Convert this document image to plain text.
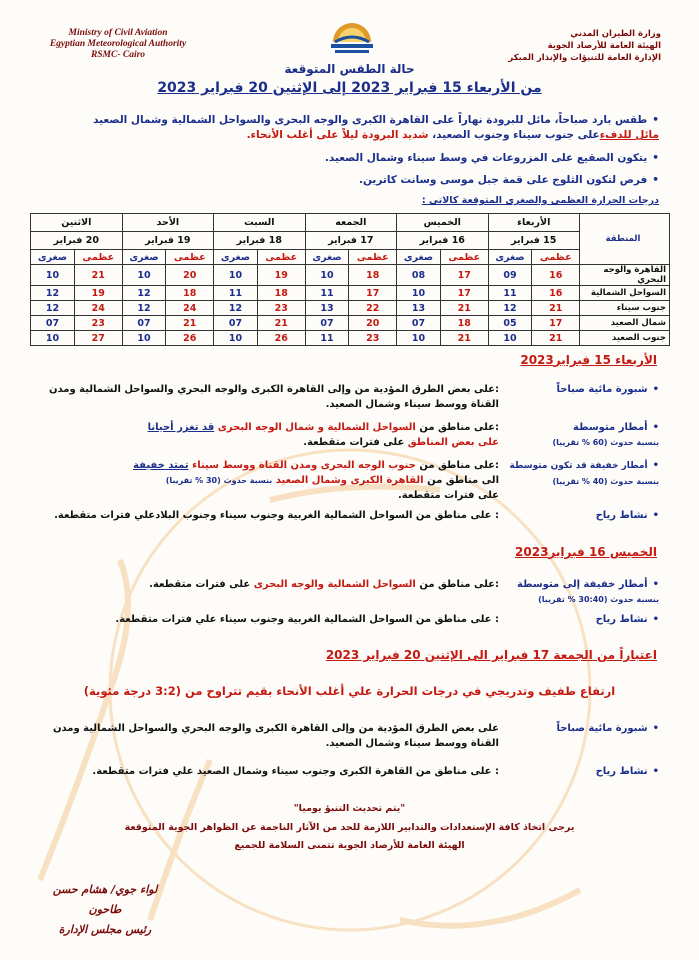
Ministry of Civil Aviation
Egyptian Meteorological Authority
RSMC- Cairo
وزارة الطيران المدني
الهيئة العامة للأرصاد الجوية
الإدارة العامة للتنبؤات والإنذار المبكر
حالة الطقس المتوقعة
من الأربعاء 15 فبراير 2023 إلى الإثنين 20 فبراير 2023
•طقس بارد صباحاً، مائل للبرودة نهاراً على القاهرة الكبرى والوجه البحرى والسواحل الشمالية وشمال الصعيد
مائل للدفءعلى جنوب سيناء وجنوب الصعيد، شديد البرودة ليلاً على أغلب الأنحاء.
•يتكون الصقيع على المزروعات في وسط سيناء وشمال الصعيد.
•فرص لتكون الثلوج على قمة جبل موسى وسانت كاترين.
درجات الحرارة العظمى والصغرى المتوقعة كالاتي :
المنطقة	الأربعاء		الخميس		الجمعه		السبت		الأحد		الاثنين	
	15 فبراير		16 فبراير		17 فبراير		18 فبراير		19 فبراير		20 فبراير	
	عظمى	صغرى	عظمى	صغرى	عظمى	صغرى	عظمى	صغرى	عظمى	صغرى	عظمى	صغرى
القاهرة والوجه البحري	16	09	17	08	18	10	19	10	20	10	21	10
السواحل الشمالية	16	11	17	10	17	11	18	11	18	12	19	12
جنوب سيناء	21	12	21	13	22	13	23	12	24	12	24	12
شمال الصعيد	17	05	18	07	20	07	21	07	21	07	23	07
جنوب الصعيد	21	10	21	10	23	11	26	10	26	10	27	10
الأربعاء 15 فبراير2023
•شبورة مائية صباحاً
:على بعض الطرق المؤدية من وإلى القاهرة الكبرى والوجه البحري والسواحل الشمالية ومدن القناة ووسط سيناء وشمال الصعيد.
•أمطار متوسطة
بنسبة حدوث (60 % تقريبا)
:على مناطق من السواحل الشمالية و شمال الوجه البحرى قد تغزر أحيانا
على بعض المناطق على فترات متقطعة.
•أمطار خفيفة قد تكون متوسطة
بنسبة حدوث (40 % تقريبا)
:على مناطق من جنوب الوجه البحرى ومدن القناة ووسط سيناء تمتد خفيفة
الى مناطق من القاهرة الكبرى وشمال الصعيد بنسبة حدوث (30 % تقريبا)
على فترات متقطعة.
•نشاط رياح
: على مناطق من السواحل الشمالية الغربية وجنوب سيناء وجنوب البلادعلي فترات متقطعة.
الخميس 16 فبراير2023
•أمطار خفيفة إلى متوسطة
بنسبة حدوث (30:40 % تقريبا)
:على مناطق من السواحل الشمالية والوجه البحرى على فترات متقطعة.
•نشاط رياح
: على مناطق من السواحل الشمالية الغربية وجنوب سيناء علي فترات متقطعة.
اعتباراً من الجمعة 17 فبراير الى الإثنين 20 فبراير 2023
ارتفاع طفيف وتدريجي في درجات الحرارة علي أغلب الأنحاء بقيم تتراوح من (3:2 درجة مئوية)
•شبورة مائية صباحاً
على بعض الطرق المؤدية من وإلى القاهرة الكبرى والوجه البحري والسواحل الشمالية ومدن القناة ووسط سيناء وشمال الصعيد.
•نشاط رياح
: على مناطق من القاهرة الكبرى وجنوب سيناء وشمال الصعيد علي فترات متقطعة.
"يتم تحديث التنبؤ يوميا"
يرجى اتخاذ كافة الإستعدادات والتدابير اللازمة للحد من الآثار الناجمة عن الظواهر الجوية المتوقعة
الهيئة العامة للأرصاد الجوية تتمنى السلامة للجميع
لواء جوي/ هشام حسن طاحون
رئيس مجلس الإدارة
